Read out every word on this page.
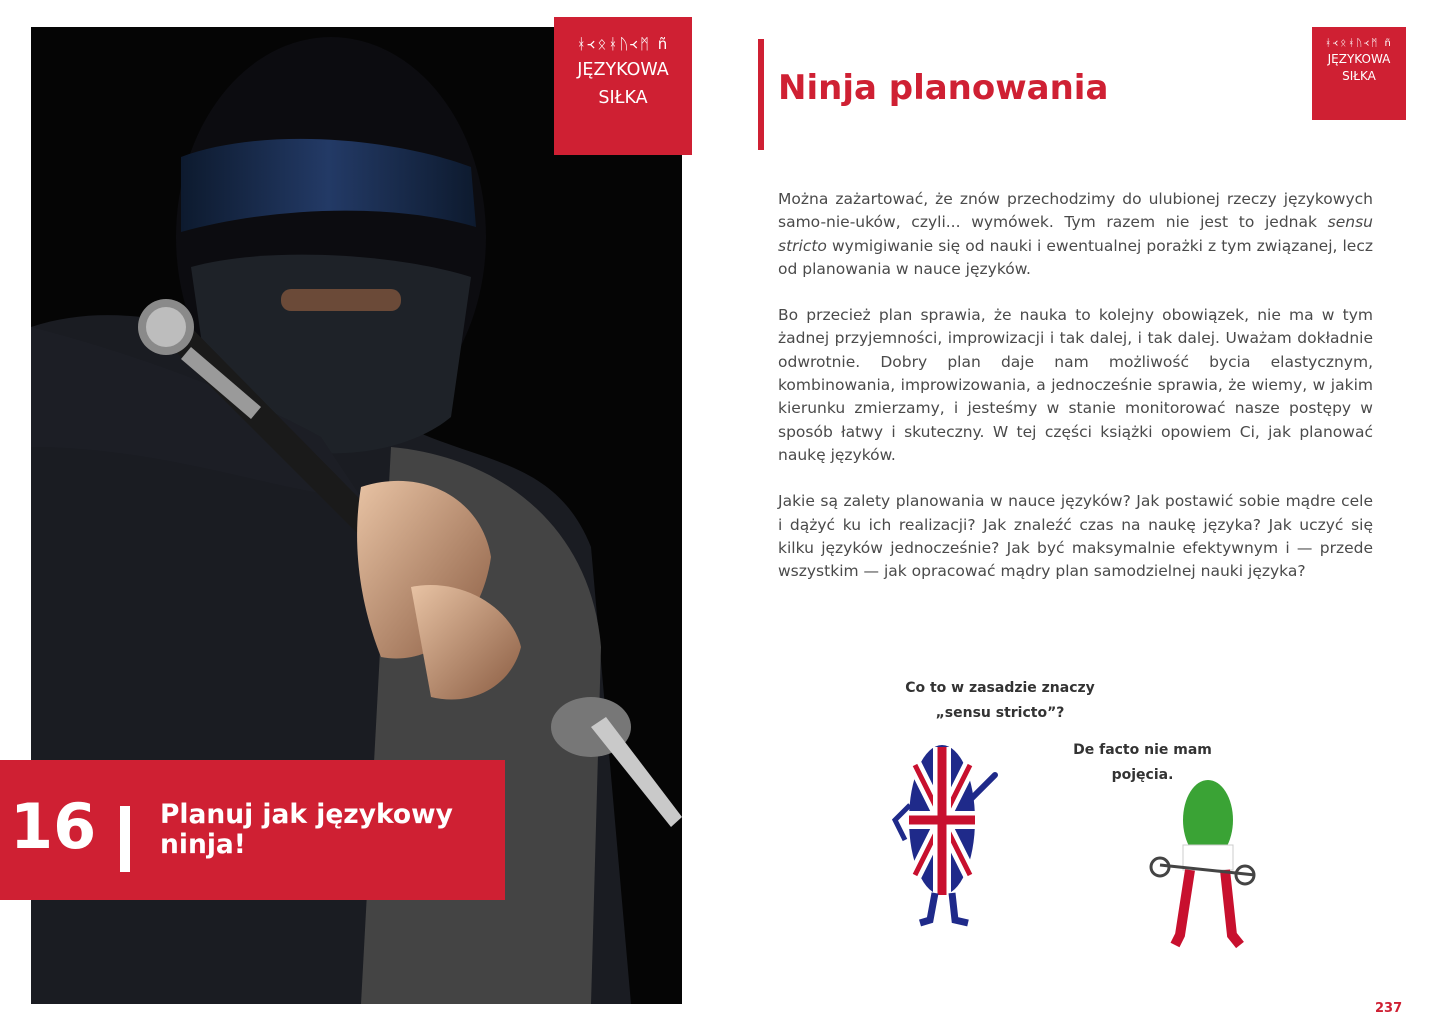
ᚼ᚜ᛟᚼᚢ᚜ᛗ ñ
JĘZYKOWA
SIŁKA
16 Planuj jak językowy ninja!
Ninja planowania
ᚼ᚜ᛟᚼᚢ᚜ᛗ ñ
JĘZYKOWA
SIŁKA

Można zażartować, że znów przechodzimy do ulubionej rzeczy językowych samo-nie-uków, czyli... wymówek. Tym razem nie jest to jednak sensu stricto wymigiwanie się od nauki i ewentualnej porażki z tym związanej, lecz od planowania w nauce języków.

Bo przecież plan sprawia, że nauka to kolejny obowiązek, nie ma w tym żadnej przyjemności, improwizacji i tak dalej, i tak dalej. Uważam dokładnie odwrotnie. Dobry plan daje nam możliwość bycia elastycznym, kombinowania, improwizowania, a jednocześnie sprawia, że wiemy, w jakim kierunku zmierzamy, i jesteśmy w stanie monitorować nasze postępy w sposób łatwy i skuteczny. W tej części książki opowiem Ci, jak planować naukę języków.

Jakie są zalety planowania w nauce języków? Jak postawić sobie mądre cele i dążyć ku ich realizacji? Jak znaleźć czas na naukę języka? Jak uczyć się kilku języków jednocześnie? Jak być maksymalnie efektywnym i — przede wszystkim — jak opracować mądry plan samodzielnej nauki języka?

Co to w zasadzie znaczy
„sensu stricto”?
De facto nie mam
pojęcia.
237
